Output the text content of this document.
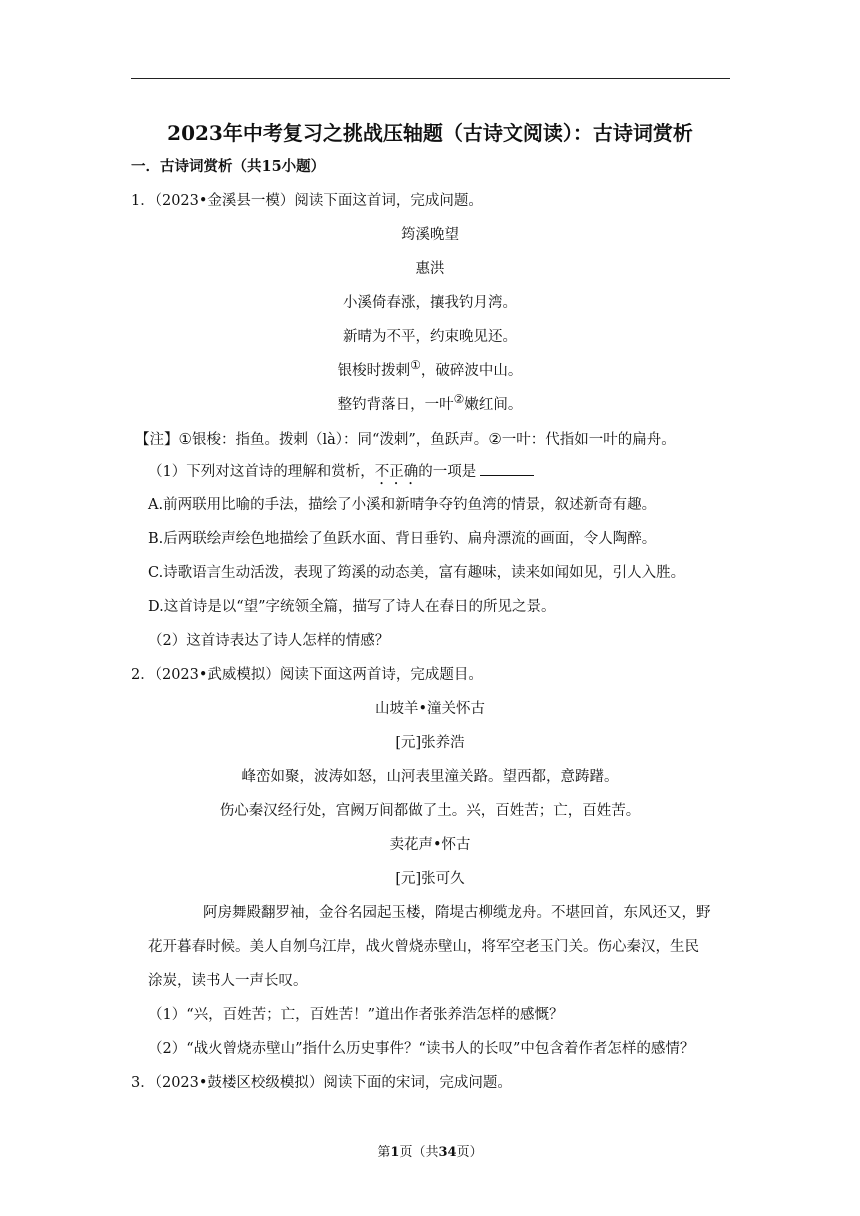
2023年中考复习之挑战压轴题（古诗文阅读）：古诗词赏析
一．古诗词赏析（共15小题）
1．（2023•金溪县一模）阅读下面这首词，完成问题。
筠溪晚望
惠洪
小溪倚春涨，攘我钓月湾。
新晴为不平，约束晚见还。
银梭时拨剌①，破碎波中山。
整钓背落日，一叶②嫩红间。
【注】①银梭：指鱼。拨剌（là）：同“泼剌”，鱼跃声。②一叶：代指如一叶的扁舟。
（1）下列对这首诗的理解和赏析，不正确的一项是
A.前两联用比喻的手法，描绘了小溪和新晴争夺钓鱼湾的情景，叙述新奇有趣。
B.后两联绘声绘色地描绘了鱼跃水面、背日垂钓、扁舟漂流的画面，令人陶醉。
C.诗歌语言生动活泼，表现了筠溪的动态美，富有趣味，读来如闻如见，引人入胜。
D.这首诗是以“望”字统领全篇，描写了诗人在春日的所见之景。
（2）这首诗表达了诗人怎样的情感？
2．（2023•武威模拟）阅读下面这两首诗，完成题目。
山坡羊•潼关怀古
[元]张养浩
峰峦如聚，波涛如怒，山河表里潼关路。望西都，意踌躇。
伤心秦汉经行处，宫阙万间都做了土。兴，百姓苦；亡，百姓苦。
卖花声•怀古
[元]张可久
阿房舞殿翻罗袖，金谷名园起玉楼，隋堤古柳缆龙舟。不堪回首，东风还又，野
花开暮春时候。美人自刎乌江岸，战火曾烧赤壁山，将军空老玉门关。伤心秦汉，生民
涂炭，读书人一声长叹。
（1）“兴，百姓苦；亡，百姓苦！”道出作者张养浩怎样的感慨？
（2）“战火曾烧赤壁山”指什么历史事件？“读书人的长叹”中包含着作者怎样的感情？
3．（2023•鼓楼区校级模拟）阅读下面的宋词，完成问题。
第1页（共34页）
